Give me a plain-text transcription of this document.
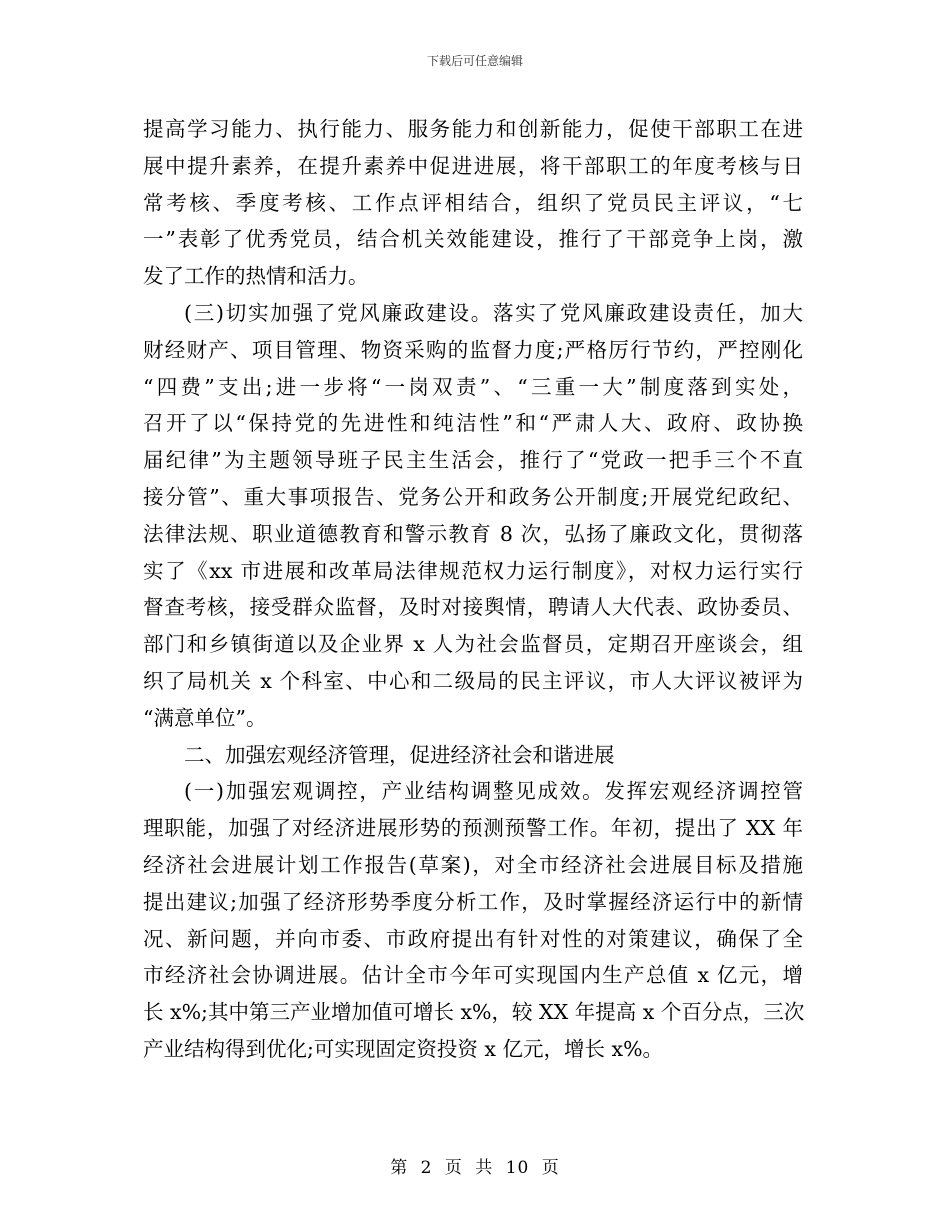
下载后可任意编辑
提高学习能力、执行能力、服务能力和创新能力，促使干部职工在进
展中提升素养，在提升素养中促进进展，将干部职工的年度考核与日
常考核、季度考核、工作点评相结合，组织了党员民主评议，“七
一”表彰了优秀党员，结合机关效能建设，推行了干部竞争上岗，激
发了工作的热情和活力。
(三)切实加强了党风廉政建设。落实了党风廉政建设责任，加大
财经财产、项目管理、物资采购的监督力度;严格厉行节约，严控刚化
“四费”支出;进一步将“一岗双责”、“三重一大”制度落到实处，
召开了以“保持党的先进性和纯洁性”和“严肃人大、政府、政协换
届纪律”为主题领导班子民主生活会，推行了“党政一把手三个不直
接分管”、重大事项报告、党务公开和政务公开制度;开展党纪政纪、
法律法规、职业道德教育和警示教育 8 次，弘扬了廉政文化，贯彻落
实了《xx 市进展和改革局法律规范权力运行制度》，对权力运行实行
督查考核，接受群众监督，及时对接舆情，聘请人大代表、政协委员、
部门和乡镇街道以及企业界 x 人为社会监督员，定期召开座谈会，组
织了局机关 x 个科室、中心和二级局的民主评议，市人大评议被评为
“满意单位”。
二、加强宏观经济管理，促进经济社会和谐进展
(一)加强宏观调控，产业结构调整见成效。发挥宏观经济调控管
理职能，加强了对经济进展形势的预测预警工作。年初，提出了 XX 年
经济社会进展计划工作报告(草案)，对全市经济社会进展目标及措施
提出建议;加强了经济形势季度分析工作，及时掌握经济运行中的新情
况、新问题，并向市委、市政府提出有针对性的对策建议，确保了全
市经济社会协调进展。估计全市今年可实现国内生产总值 x 亿元，增
长 x%;其中第三产业增加值可增长 x%，较 XX 年提高 x 个百分点，三次
产业结构得到优化;可实现固定资投资 x 亿元，增长 x%。
第 2 页 共 10 页
